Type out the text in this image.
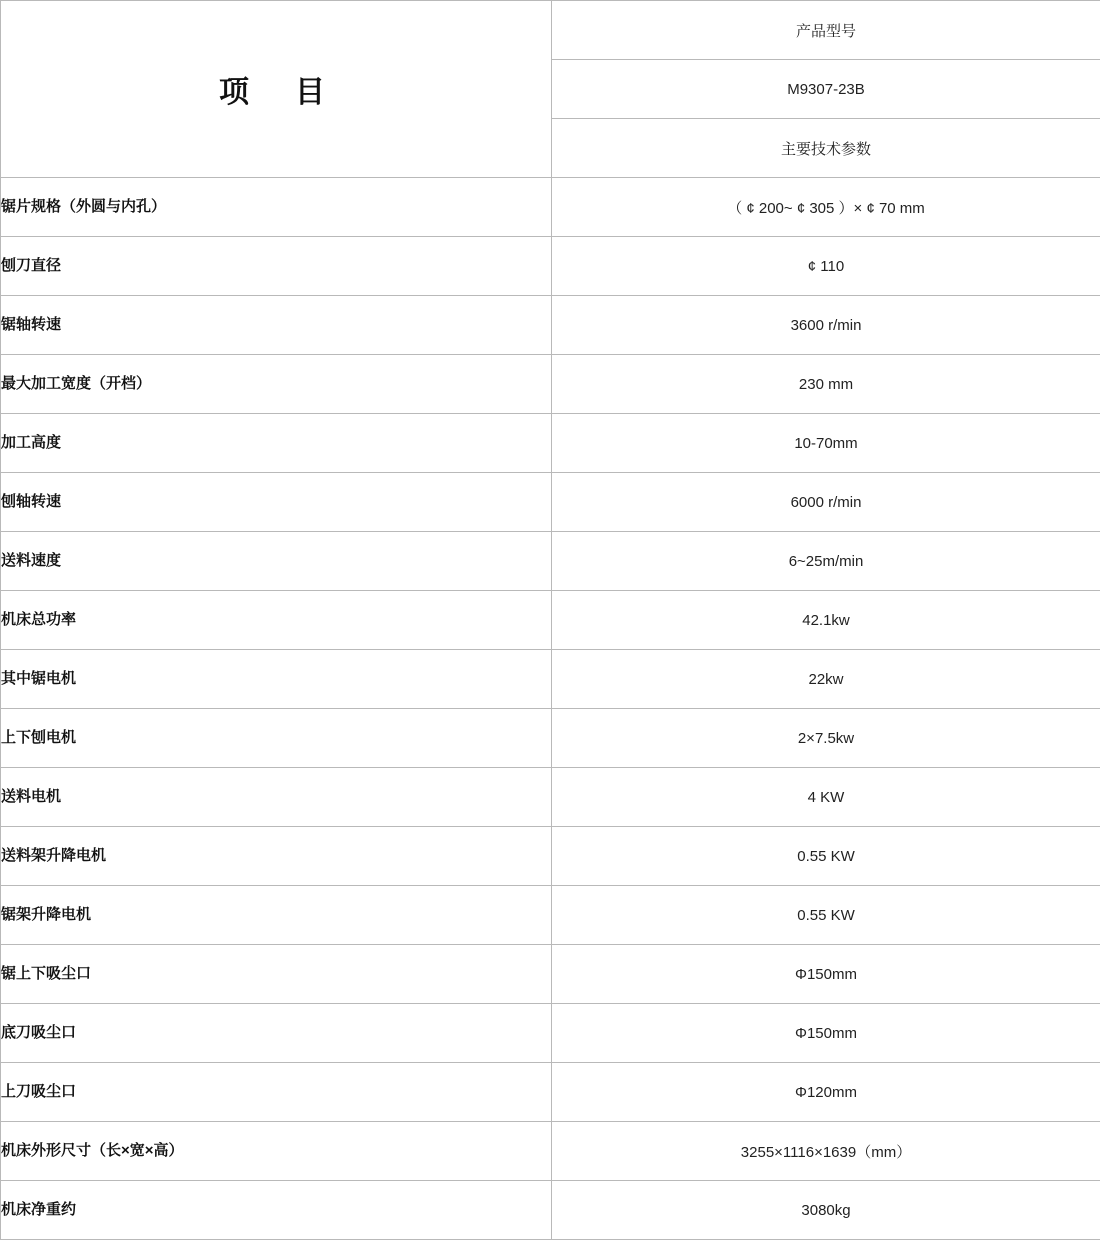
项　目	产品型号
	M9307-23B
	主要技术参数
锯片规格（外圆与内孔）	（ ¢ 200~ ¢ 305 ）× ¢ 70 mm
刨刀直径	¢ 110
锯轴转速	3600 r/min
最大加工宽度（开档）	230 mm
加工高度	10-70mm
刨轴转速	6000 r/min
送料速度	6~25m/min
机床总功率	42.1kw
其中锯电机	22kw
上下刨电机	2×7.5kw
送料电机	4 KW
送料架升降电机	0.55 KW
锯架升降电机	0.55 KW
锯上下吸尘口	Φ150mm
底刀吸尘口	Φ150mm
上刀吸尘口	Φ120mm
机床外形尺寸（长×宽×高）	3255×1116×1639（mm）
机床净重约	3080kg
